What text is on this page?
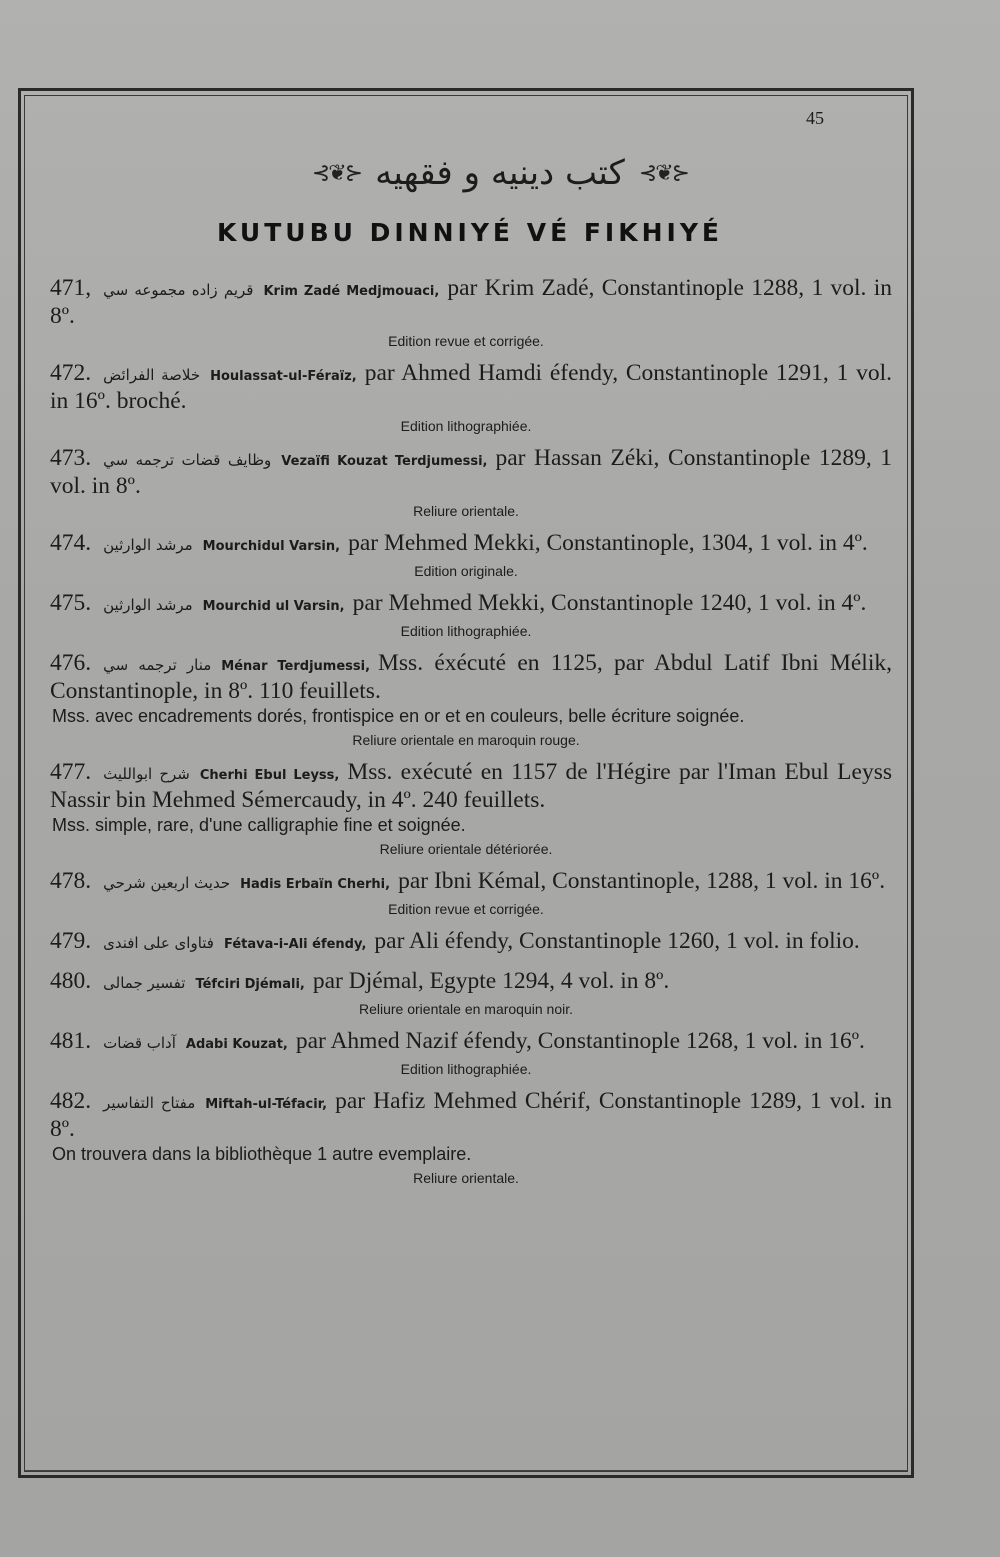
45
⊰❦⊱ كتب دينيه و فقهيه ⊰❦⊱
KUTUBU DINNIYÉ VÉ FIKHIYÉ
471, قريم زاده مجموعه سي Krim Zadé Medjmouaci, par Krim Zadé, Constantinople 1288, 1 vol. in 8º.
Edition revue et corrigée.
472. خلاصة الفرائض Houlassat-ul-Féraïz, par Ahmed Hamdi éfendy, Constantinople 1291, 1 vol. in 16º. broché.
Edition lithographiée.
473. وظايف قضات ترجمه سي Vezaïfi Kouzat Terdjumessi, par Hassan Zéki, Constantinople 1289, 1 vol. in 8º.
Reliure orientale.
474. مرشد الوارثين Mourchidul Varsin, par Mehmed Mekki, Constantinople, 1304, 1 vol. in 4º.
Edition originale.
475. مرشد الوارثين Mourchid ul Varsin, par Mehmed Mekki, Constantinople 1240, 1 vol. in 4º.
Edition lithographiée.
476. منار ترجمه سي Ménar Terdjumessi, Mss. éxécuté en 1125, par Abdul Latif Ibni Mélik, Constantinople, in 8º. 110 feuillets.
Mss. avec encadrements dorés, frontispice en or et en couleurs, belle écriture soignée.
Reliure orientale en maroquin rouge.
477. شرح ابوالليث Cherhi Ebul Leyss, Mss. exécuté en 1157 de l'Hégire par l'Iman Ebul Leyss Nassir bin Mehmed Sémercaudy, in 4º. 240 feuillets.
Mss. simple, rare, d'une calligraphie fine et soignée.
Reliure orientale détériorée.
478. حديث اربعين شرحي Hadis Erbaïn Cherhi, par Ibni Kémal, Constantinople, 1288, 1 vol. in 16º.
Edition revue et corrigée.
479. فتاوای علی افندی Fétava-i-Ali éfendy, par Ali éfendy, Constantinople 1260, 1 vol. in folio.
480. تفسير جمالی Téfciri Djémali, par Djémal, Egypte 1294, 4 vol. in 8º.
Reliure orientale en maroquin noir.
481. آداب قضات Adabi Kouzat, par Ahmed Nazif éfendy, Constantinople 1268, 1 vol. in 16º.
Edition lithographiée.
482. مفتاح التفاسير Miftah-ul-Téfacir, par Hafiz Mehmed Chérif, Constantinople 1289, 1 vol. in 8º.
On trouvera dans la bibliothèque 1 autre evemplaire.
Reliure orientale.
